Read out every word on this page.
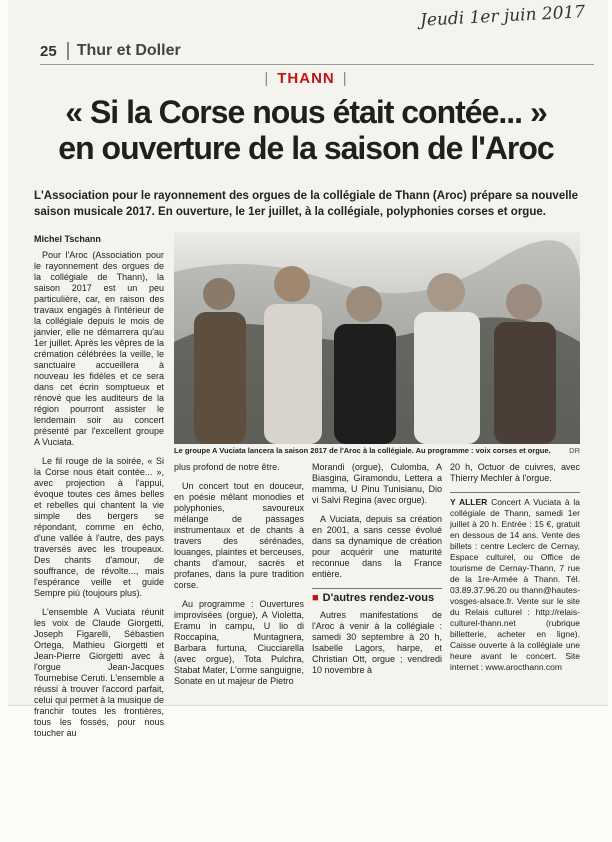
Jeudi 1er juin 2017
25	Thur et Doller
| THANN |
« Si la Corse nous était contée... »
en ouverture de la saison de l'Aroc
L'Association pour le rayonnement des orgues de la collégiale de Thann (Aroc) prépare sa nouvelle saison musicale 2017. En ouverture, le 1er juillet, à la collégiale, polyphonies corses et orgue.
Michel Tschann

Pour l'Aroc (Association pour le rayonnement des orgues de la collégiale de Thann), la saison 2017 est un peu particulière, car, en raison des travaux engagés à l'intérieur de la collégiale depuis le mois de janvier, elle ne démarrera qu'au 1er juillet. Après les vêpres de la crémation célébrées la veille, le sanctuaire accueillera à nouveau les fidèles et ce sera dans cet écrin somptueux et rénové que les auditeurs de la région pourront assister le lendemain soir au concert présenté par l'excellent groupe A Vuciata.

Le fil rouge de la soirée, « Si la Corse nous était contée... », avec projection à l'appui, évoque toutes ces âmes belles et rebelles qui chantent la vie simple des bergers se répondant, comme en écho, d'une vallée à l'autre, des pays traversés avec les troupeaux. Des chants d'amour, de souffrance, de révolte..., mais l'espérance veille et guide Sempre più (toujours plus).

L'ensemble A Vuciata réunit les voix de Claude Giorgetti, Joseph Figarelli, Sébastien Ortega, Mathieu Giorgetti et Jean-Pierre Giorgetti avec à l'orgue Jean-Jacques Tournebise Ceruti. L'ensemble a réussi à trouver l'accord parfait, celui qui permet à la musique de franchir toutes les frontières, tous les fossés, pour nous toucher au

Le groupe A Vuciata lancera la saison 2017 de l'Aroc à la collégiale. Au programme : voix corses et orgue. DR

plus profond de notre être.

Un concert tout en douceur, en poésie mêlant monodies et polyphonies, savoureux mélange de passages instrumentaux et de chants à travers des sérénades, louanges, plaintes et berceuses, chants d'amour, sacrés et profanes, dans la pure tradition corse.

Au programme : Ouvertures improvisées (orgue), A Violetta, Eramu in campu, U lio di Roccapina, Muntagnera, Barbara furtuna, Ciucciarella (avec orgue), Tota Pulchra, Stabat Mater, L'orme sanguigne, Sonate en ut majeur de Pietro

Morandi (orgue), Culomba, A Biasgina, Giramondu, Lettera a mamma, U Pinu Tunisianu, Dio vi Salvi Regina (avec orgue).

A Vuciata, depuis sa création en 2001, a sans cesse évolué dans sa dynamique de création pour acquérir une maturité reconnue dans la France entière.

■ D'autres rendez-vous

Autres manifestations de l'Aroc à venir à la collégiale : samedi 30 septembre à 20 h, Isabelle Lagors, harpe, et Christian Ott, orgue ; vendredi 10 novembre à

20 h, Octuor de cuivres, avec Thierry Mechler à l'orgue.

Y ALLER Concert A Vuciata à la collégiale de Thann, samedi 1er juillet à 20 h. Entrée : 15 €, gratuit en dessous de 14 ans. Vente des billets : centre Leclerc de Cernay, Espace culturel, ou Office de tourisme de Cernay-Thann, 7 rue de la 1re-Armée à Thann. Tél. 03.89.37.96.20 ou thann@hautes-vosges-alsace.fr. Vente sur le site du Relais culturel : http://relais-culturel-thann.net (rubrique billetterie, acheter en ligne). Caisse ouverte à la collégiale une heure avant le concert. Site internet : www.arocthann.com
